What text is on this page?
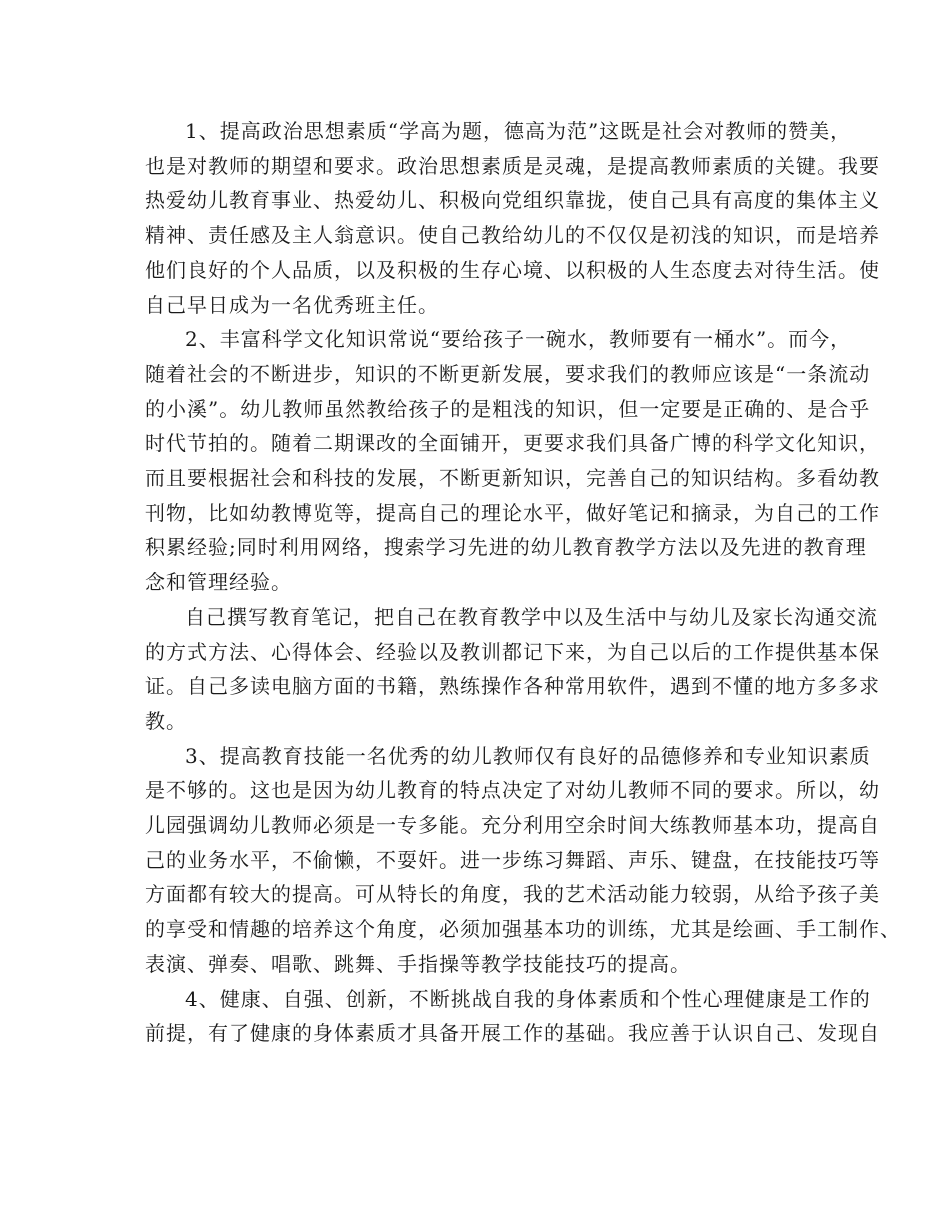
1、提高政治思想素质“学高为题，德高为范”这既是社会对教师的赞美，

也是对教师的期望和要求。政治思想素质是灵魂，是提高教师素质的关键。我要

热爱幼儿教育事业、热爱幼儿、积极向党组织靠拢，使自己具有高度的集体主义

精神、责任感及主人翁意识。使自己教给幼儿的不仅仅是初浅的知识，而是培养

他们良好的个人品质，以及积极的生存心境、以积极的人生态度去对待生活。使

自己早日成为一名优秀班主任。

2、丰富科学文化知识常说“要给孩子一碗水，教师要有一桶水”。而今，

随着社会的不断进步，知识的不断更新发展，要求我们的教师应该是“一条流动

的小溪”。幼儿教师虽然教给孩子的是粗浅的知识，但一定要是正确的、是合乎

时代节拍的。随着二期课改的全面铺开，更要求我们具备广博的科学文化知识，

而且要根据社会和科技的发展，不断更新知识，完善自己的知识结构。多看幼教

刊物，比如幼教博览等，提高自己的理论水平，做好笔记和摘录，为自己的工作

积累经验;同时利用网络，搜索学习先进的幼儿教育教学方法以及先进的教育理

念和管理经验。

自己撰写教育笔记，把自己在教育教学中以及生活中与幼儿及家长沟通交流

的方式方法、心得体会、经验以及教训都记下来，为自己以后的工作提供基本保

证。自己多读电脑方面的书籍，熟练操作各种常用软件，遇到不懂的地方多多求

教。

3、提高教育技能一名优秀的幼儿教师仅有良好的品德修养和专业知识素质

是不够的。这也是因为幼儿教育的特点决定了对幼儿教师不同的要求。所以，幼

儿园强调幼儿教师必须是一专多能。充分利用空余时间大练教师基本功，提高自

己的业务水平，不偷懒，不耍奸。进一步练习舞蹈、声乐、键盘，在技能技巧等

方面都有较大的提高。可从特长的角度，我的艺术活动能力较弱，从给予孩子美

的享受和情趣的培养这个角度，必须加强基本功的训练，尤其是绘画、手工制作、

表演、弹奏、唱歌、跳舞、手指操等教学技能技巧的提高。

4、健康、自强、创新，不断挑战自我的身体素质和个性心理健康是工作的

前提，有了健康的身体素质才具备开展工作的基础。我应善于认识自己、发现自
